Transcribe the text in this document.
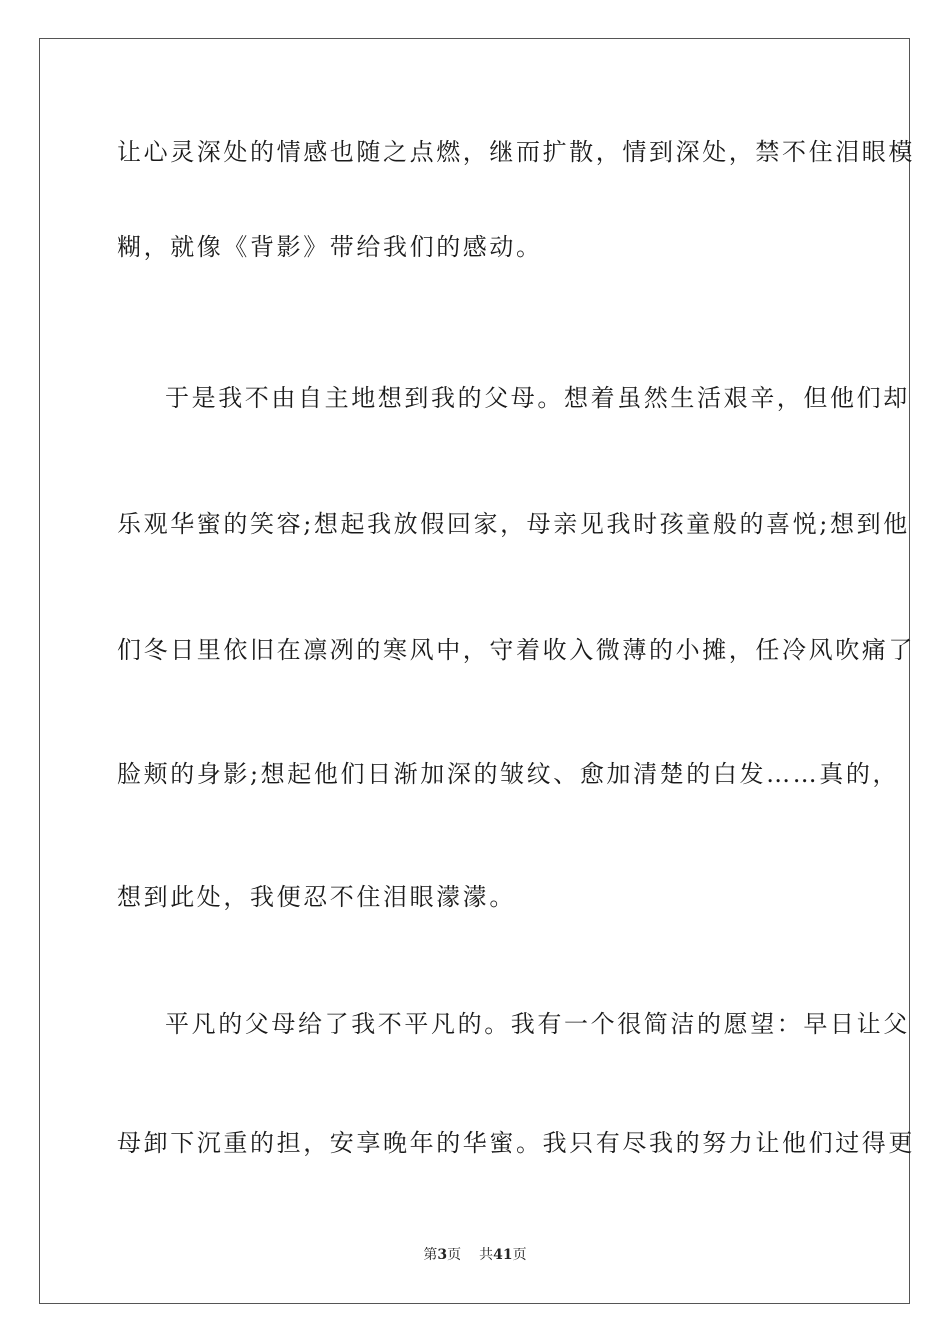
让心灵深处的情感也随之点燃，继而扩散，情到深处，禁不住泪眼模
糊，就像《背影》带给我们的感动。
于是我不由自主地想到我的父母。想着虽然生活艰辛，但他们却
乐观华蜜的笑容;想起我放假回家，母亲见我时孩童般的喜悦;想到他
们冬日里依旧在凛冽的寒风中，守着收入微薄的小摊，任冷风吹痛了
脸颊的身影;想起他们日渐加深的皱纹、愈加清楚的白发……真的，
想到此处，我便忍不住泪眼濛濛。
平凡的父母给了我不平凡的。我有一个很简洁的愿望：早日让父
母卸下沉重的担，安享晚年的华蜜。我只有尽我的努力让他们过得更
第3页 共41页
